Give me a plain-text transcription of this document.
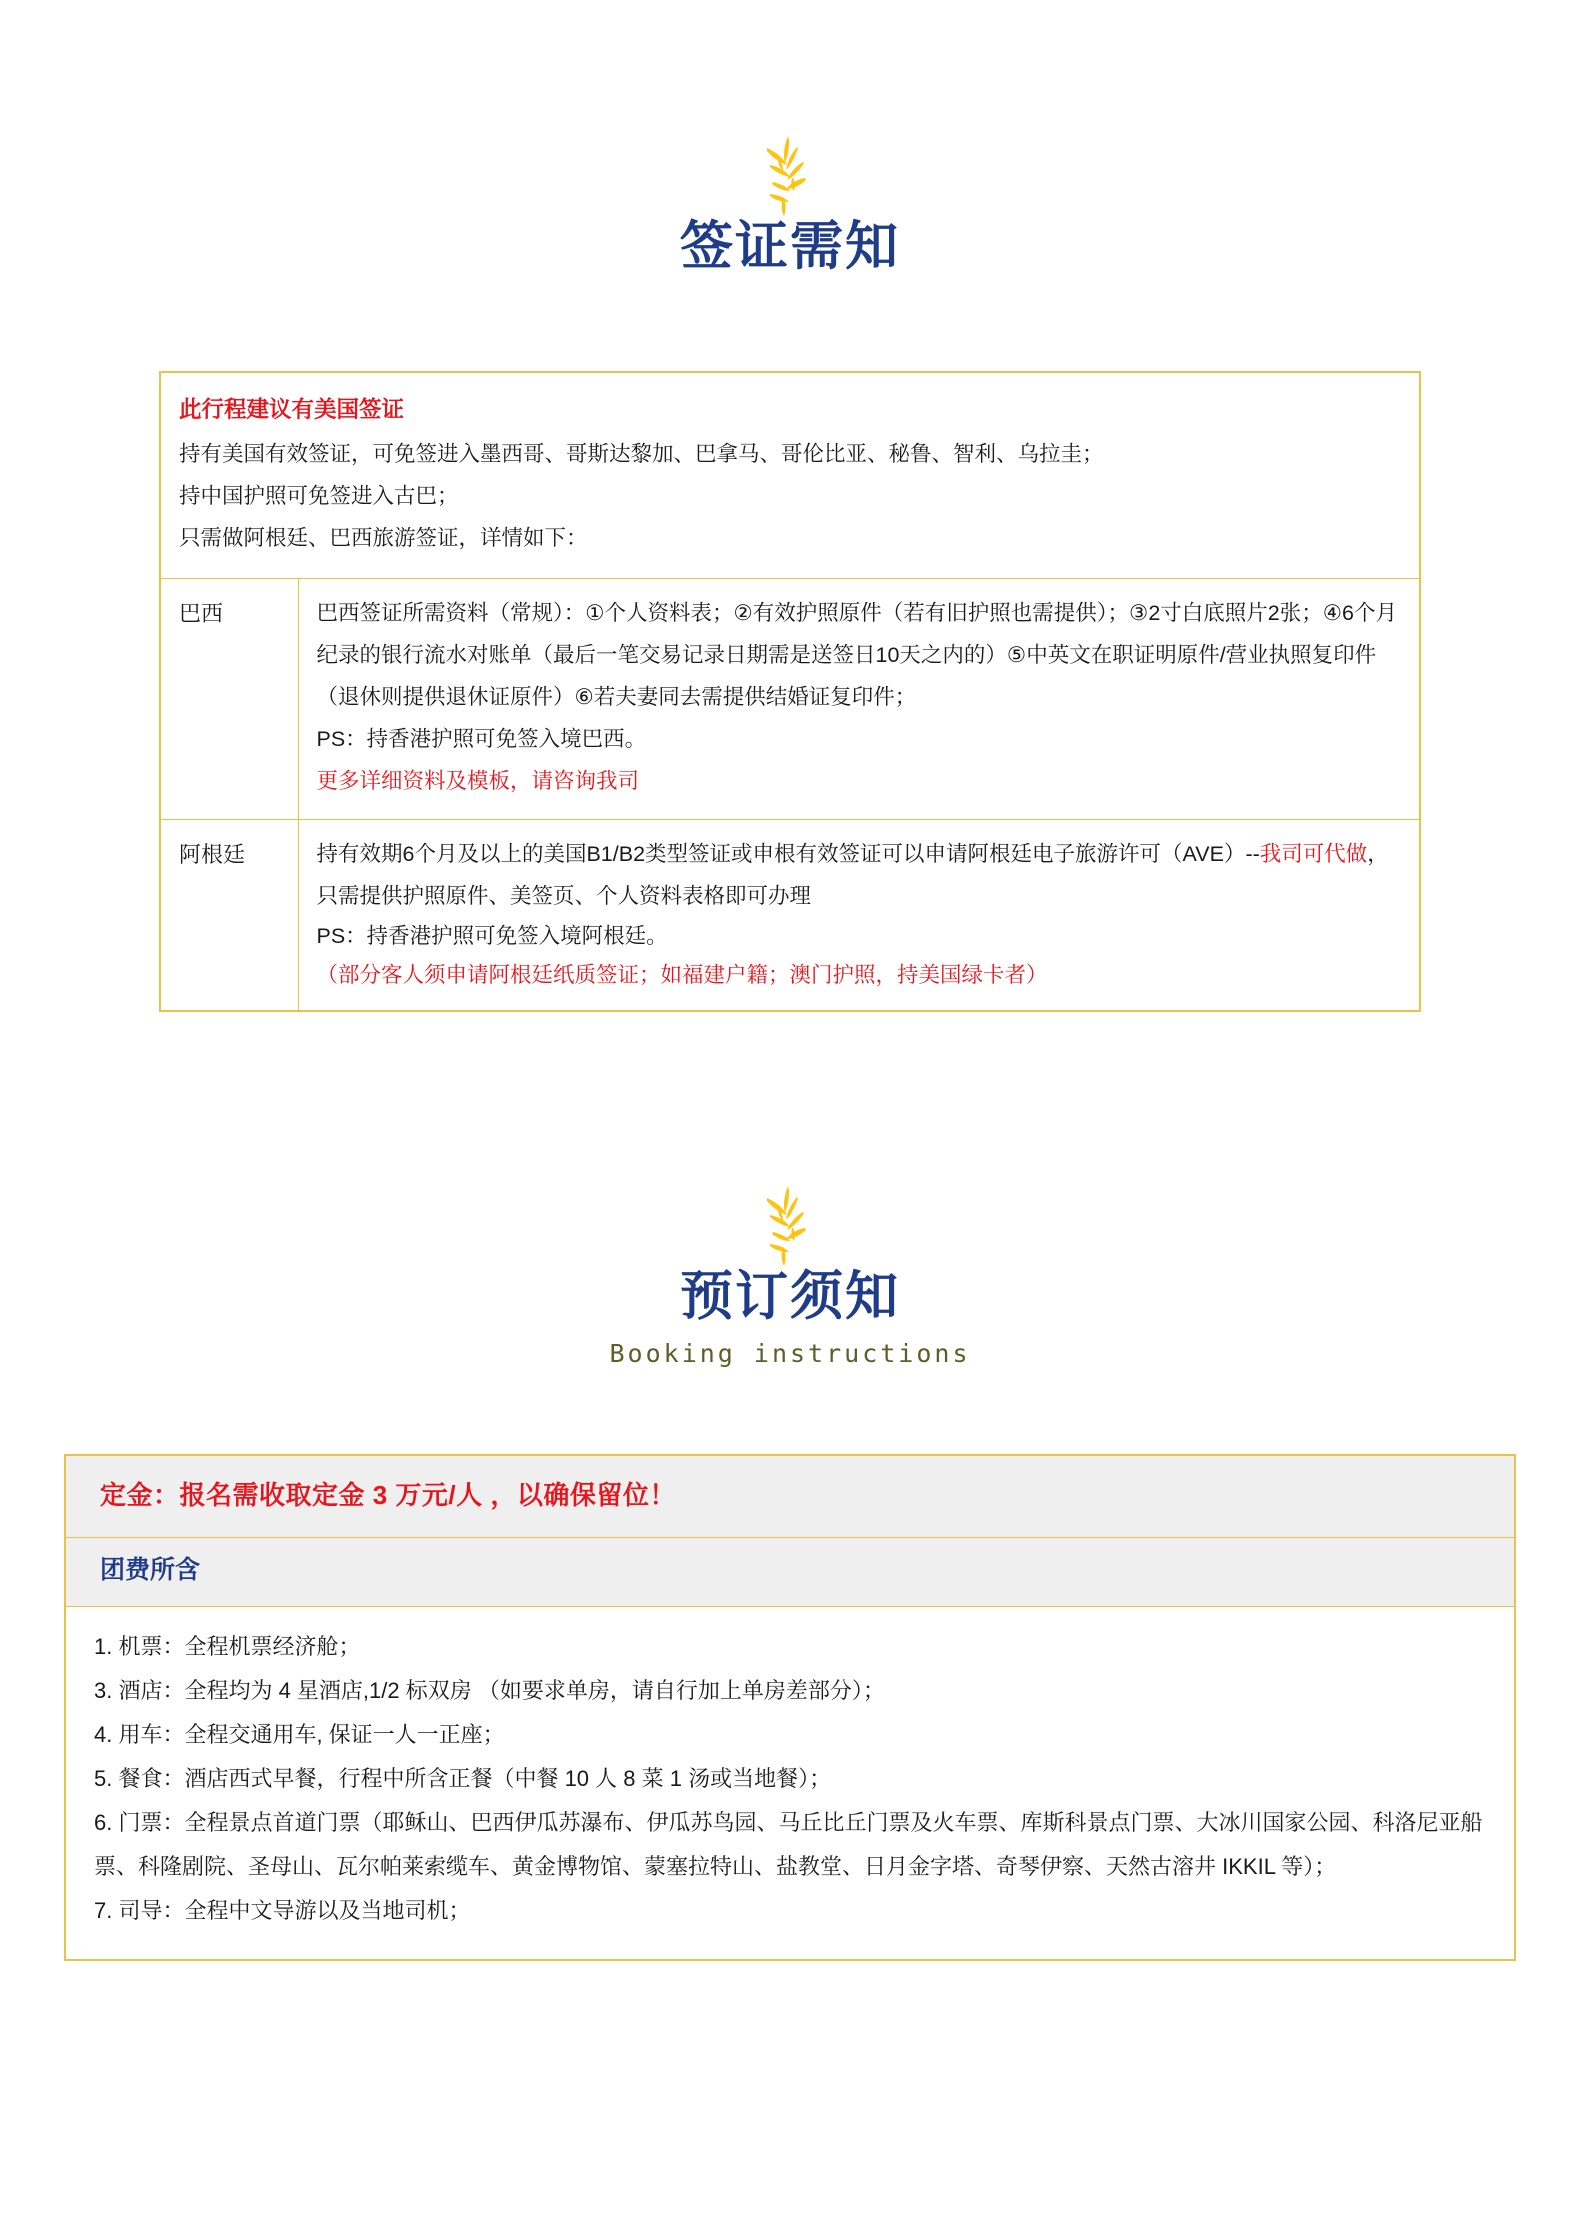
签证需知
此行程建议有美国签证
持有美国有效签证，可免签进入墨西哥、哥斯达黎加、巴拿马、哥伦比亚、秘鲁、智利、乌拉圭；
持中国护照可免签进入古巴；
只需做阿根廷、巴西旅游签证，详情如下：	

巴西	巴西签证所需资料（常规）：①个人资料表；②有效护照原件（若有旧护照也需提供）；③2寸白底照片2张；④6个月纪录的银行流水对账单（最后一笔交易记录日期需是送签日10天之内的）⑤中英文在职证明原件/营业执照复印件（退休则提供退休证原件）⑥若夫妻同去需提供结婚证复印件；
PS：持香港护照可免签入境巴西。
更多详细资料及模板，请咨询我司

阿根廷	持有效期6个月及以上的美国B1/B2类型签证或申根有效签证可以申请阿根廷电子旅游许可（AVE）--我司可代做，只需提供护照原件、美签页、个人资料表格即可办理
PS：持香港护照可免签入境阿根廷。
（部分客人须申请阿根廷纸质签证；如福建户籍；澳门护照，持美国绿卡者）
预订须知
Booking instructions
定金：报名需收取定金 3 万元/人 ，以确保留位！

团费所含

1. 机票：全程机票经济舱；
3. 酒店：全程均为 4 星酒店,1/2 标双房 （如要求单房，请自行加上单房差部分）；
4. 用车：全程交通用车, 保证一人一正座；
5. 餐食：酒店西式早餐，行程中所含正餐（中餐 10 人 8 菜 1 汤或当地餐）；
6. 门票：全程景点首道门票（耶稣山、巴西伊瓜苏瀑布、伊瓜苏鸟园、马丘比丘门票及火车票、库斯科景点门票、大冰川国家公园、科洛尼亚船票、科隆剧院、圣母山、瓦尔帕莱索缆车、黄金博物馆、蒙塞拉特山、盐教堂、日月金字塔、奇琴伊察、天然古溶井 IKKIL 等）；
7. 司导：全程中文导游以及当地司机；
